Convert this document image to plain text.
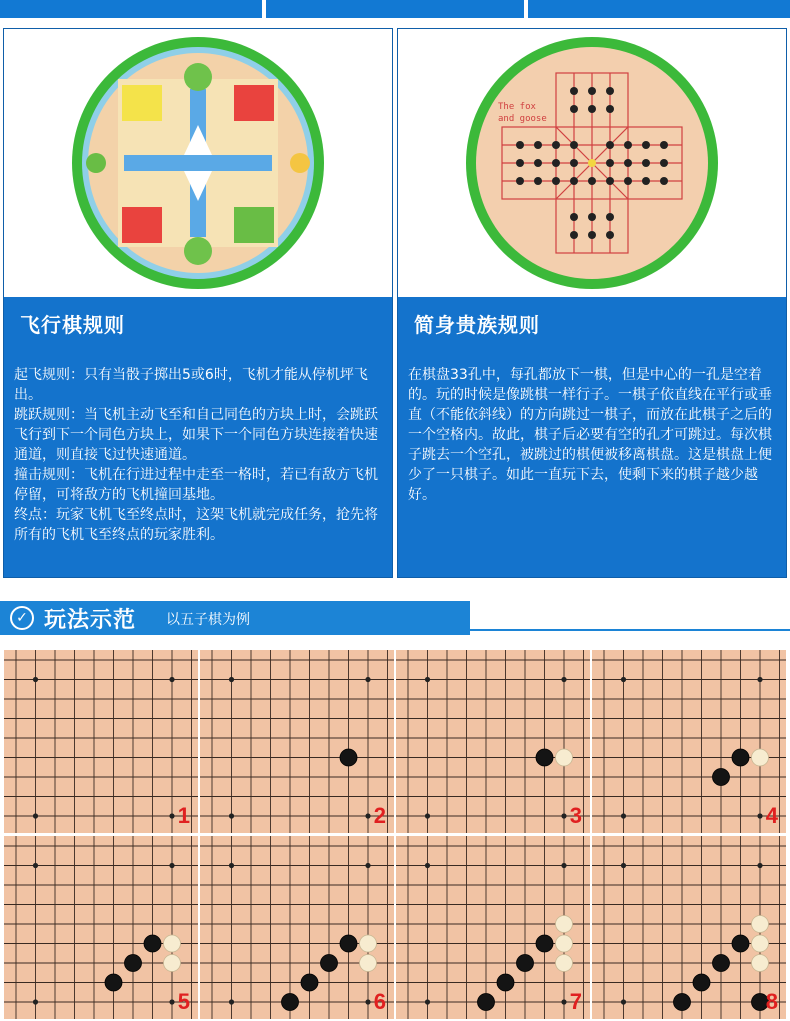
飞行棋规则

起飞规则：只有当骰子掷出5或6时，飞机才能从停机坪飞出。

跳跃规则：当飞机主动飞至和自己同色的方块上时，会跳跃飞行到下一个同色方块上，如果下一个同色方块连接着快速通道，则直接飞过快速通道。

撞击规则：飞机在行进过程中走至一格时，若已有敌方飞机停留，可将敌方的飞机撞回基地。

终点：玩家飞机飞至终点时，这架飞机就完成任务，抢先将所有的飞机飞至终点的玩家胜利。

The fox
and goose
简身贵族规则
在棋盘33孔中，每孔都放下一棋，但是中心的一孔是空着的。玩的时候是像跳棋一样行子。一棋子依直线在平行或垂直（不能依斜线）的方向跳过一棋子，而放在此棋子之后的一个空格内。故此，棋子后必要有空的孔才可跳过。每次棋子跳去一个空孔，被跳过的棋便被移离棋盘。这是棋盘上便少了一只棋子。如此一直玩下去，使剩下来的棋子越少越好。
✓ 玩法示范 以五子棋为例
1	2	3	4
5	6	7	8
